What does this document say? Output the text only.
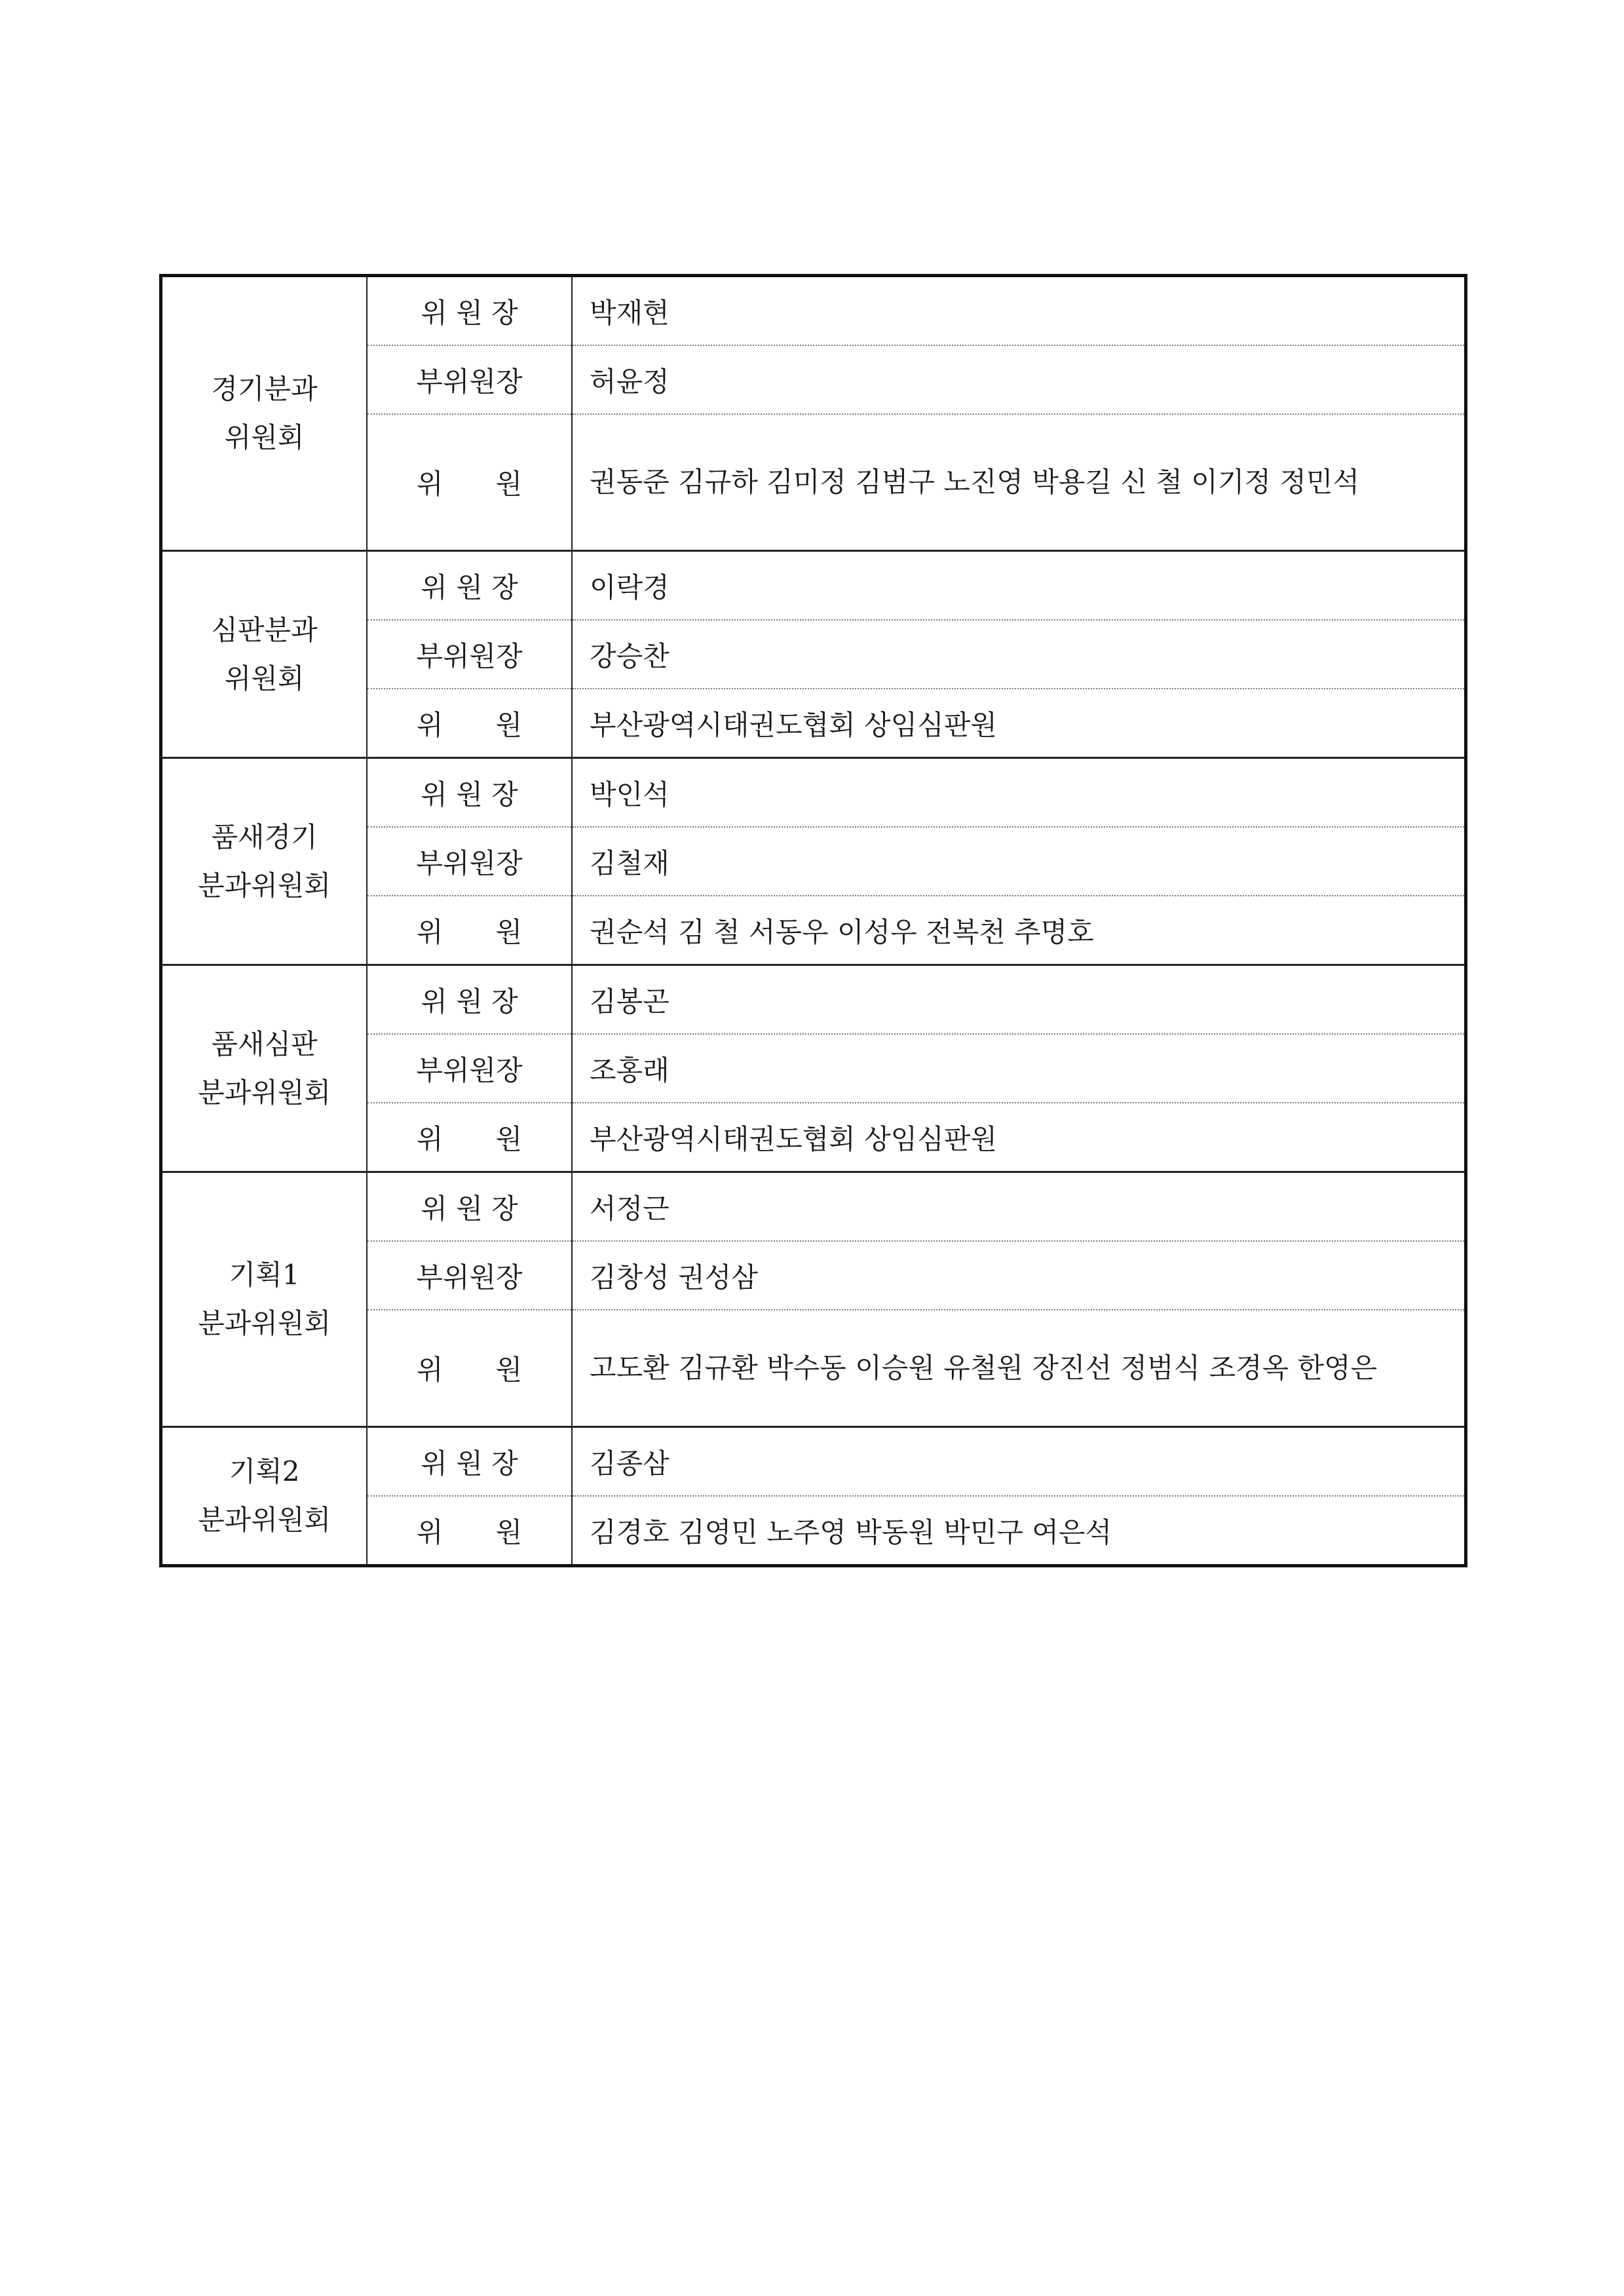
경기분과
위원회	위 원 장	박재현
	부위원장	허윤정
	위      원	권동준 김규하 김미정 김범구 노진영 박용길 신 철 이기정 정민석

심판분과
위원회	위 원 장	이락경
	부위원장	강승찬
	위      원	부산광역시태권도협회 상임심판원

품새경기
분과위원회	위 원 장	박인석
	부위원장	김철재
	위      원	권순석 김 철 서동우 이성우 전복천 추명호

품새심판
분과위원회	위 원 장	김봉곤
	부위원장	조홍래
	위      원	부산광역시태권도협회 상임심판원

기획1
분과위원회	위 원 장	서정근
	부위원장	김창성 권성삼
	위      원	고도환 김규환 박수동 이승원 유철원 장진선 정범식 조경옥 한영은

기획2
분과위원회	위 원 장	김종삼
	위      원	김경호 김영민 노주영 박동원 박민구 여은석
